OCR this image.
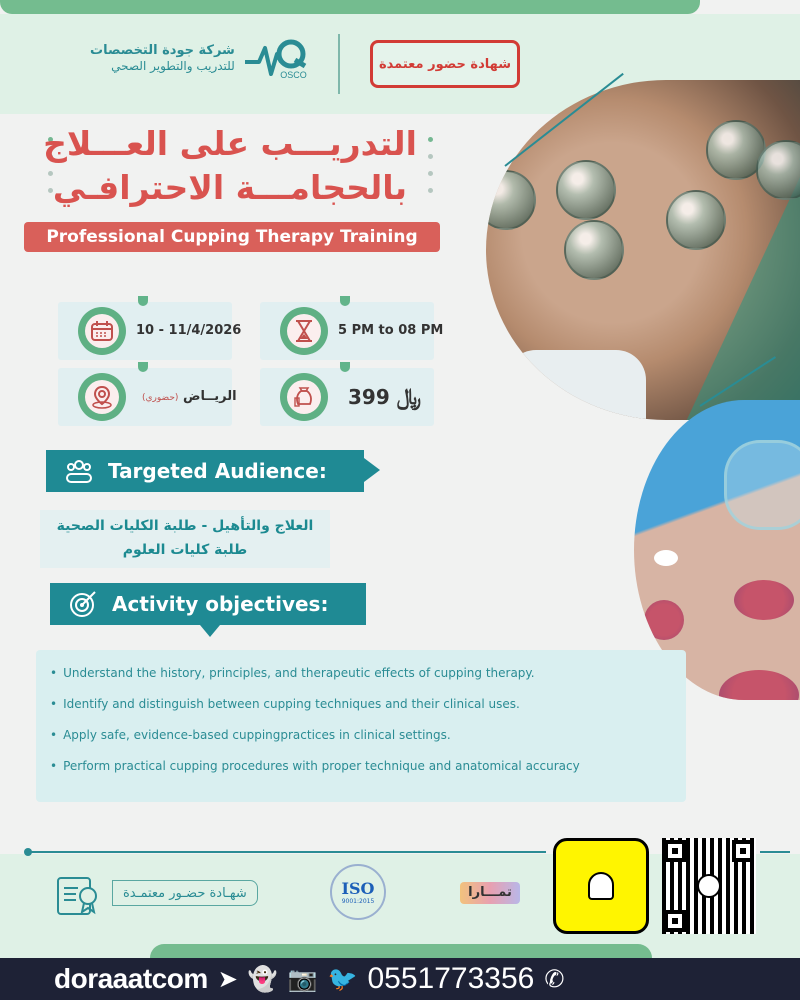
شركة جودة التخصصات
للتدريب والتطوير الصحي
OSCO
شهادة حضور معتمدة
التدريـــب على العـــلاج
بالحجامـــة الاحترافـي
Professional Cupping Therapy Training
10 - 11/4/2026	5 PM to 08 PM
الريــاض (حضوري)	﷼ 399
Targeted Audience:
العلاج والتأهيل - طلبة الكليات الصحية
طلبة كليات العلوم
Activity objectives:
• Understand the history, principles, and therapeutic effects of cupping therapy.
• Identify and distinguish between cupping techniques and their clinical uses.
• Apply safe, evidence-based cuppingpractices in clinical settings.
• Perform practical cupping procedures with proper technique and anatomical accuracy
شهـادة حضـور معتمـدة	ISO
9001:2015
تمـــارا
doraaatcom ➤ 👻 📷 🐦 0551773356 ✆
